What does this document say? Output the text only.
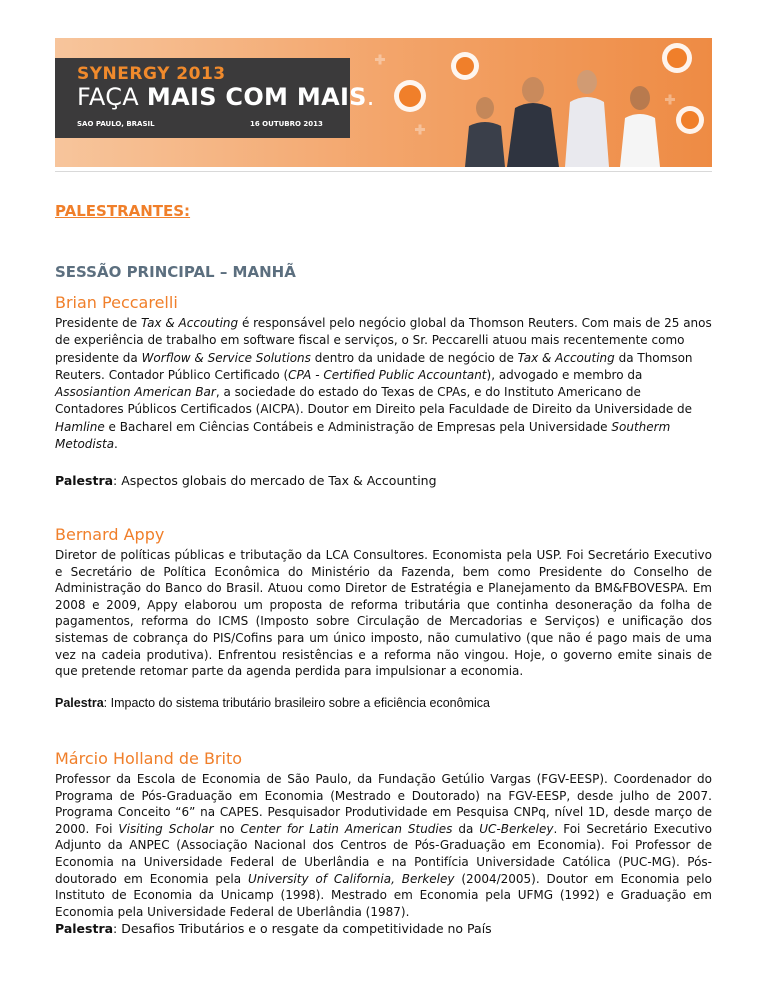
SYNERGY 2013
FAÇA MAIS COM MAIS.
SAO PAULO, BRASIL	16 OUTUBRO 2013
PALESTRANTES:
SESSÃO PRINCIPAL – MANHÃ
Brian Peccarelli
Presidente de Tax & Accouting é responsável pelo negócio global da Thomson Reuters. Com mais de 25 anos de experiência de trabalho em software fiscal e serviços, o Sr. Peccarelli atuou mais recentemente como presidente da Worflow & Service Solutions dentro da unidade de negócio de Tax & Accouting da Thomson Reuters. Contador Público Certificado (CPA - Certified Public Accountant), advogado e membro da Assosiantion American Bar, a sociedade do estado do Texas de CPAs, e do Instituto Americano de Contadores Públicos Certificados (AICPA). Doutor em Direito pela Faculdade de Direito da Universidade de Hamline e Bacharel em Ciências Contábeis e Administração de Empresas pela Universidade Southerm Metodista.
Palestra: Aspectos globais do mercado de Tax & Accounting
Bernard Appy
Diretor de políticas públicas e tributação da LCA Consultores. Economista pela USP. Foi Secretário Executivo e Secretário de Política Econômica do Ministério da Fazenda, bem como Presidente do Conselho de Administração do Banco do Brasil. Atuou como Diretor de Estratégia e Planejamento da BM&FBOVESPA. Em 2008 e 2009, Appy elaborou um proposta de reforma tributária que continha desoneração da folha de pagamentos, reforma do ICMS (Imposto sobre Circulação de Mercadorias e Serviços) e unificação dos sistemas de cobrança do PIS/Cofins para um único imposto, não cumulativo (que não é pago mais de uma vez na cadeia produtiva). Enfrentou resistências e a reforma não vingou. Hoje, o governo emite sinais de que pretende retomar parte da agenda perdida para impulsionar a economia.
Palestra: Impacto do sistema tributário brasileiro sobre a eficiência econômica
Márcio Holland de Brito
Professor da Escola de Economia de São Paulo, da Fundação Getúlio Vargas (FGV-EESP). Coordenador do Programa de Pós-Graduação em Economia (Mestrado e Doutorado) na FGV-EESP, desde julho de 2007. Programa Conceito “6” na CAPES. Pesquisador Produtividade em Pesquisa CNPq, nível 1D, desde março de 2000. Foi Visiting Scholar no Center for Latin American Studies da UC-Berkeley. Foi Secretário Executivo Adjunto da ANPEC (Associação Nacional dos Centros de Pós-Graduação em Economia). Foi Professor de Economia na Universidade Federal de Uberlândia e na Pontifícia Universidade Católica (PUC-MG). Pós-doutorado em Economia pela University of California, Berkeley (2004/2005). Doutor em Economia pelo Instituto de Economia da Unicamp (1998). Mestrado em Economia pela UFMG (1992) e Graduação em Economia pela Universidade Federal de Uberlândia (1987).
Palestra: Desafios Tributários e o resgate da competitividade no País
